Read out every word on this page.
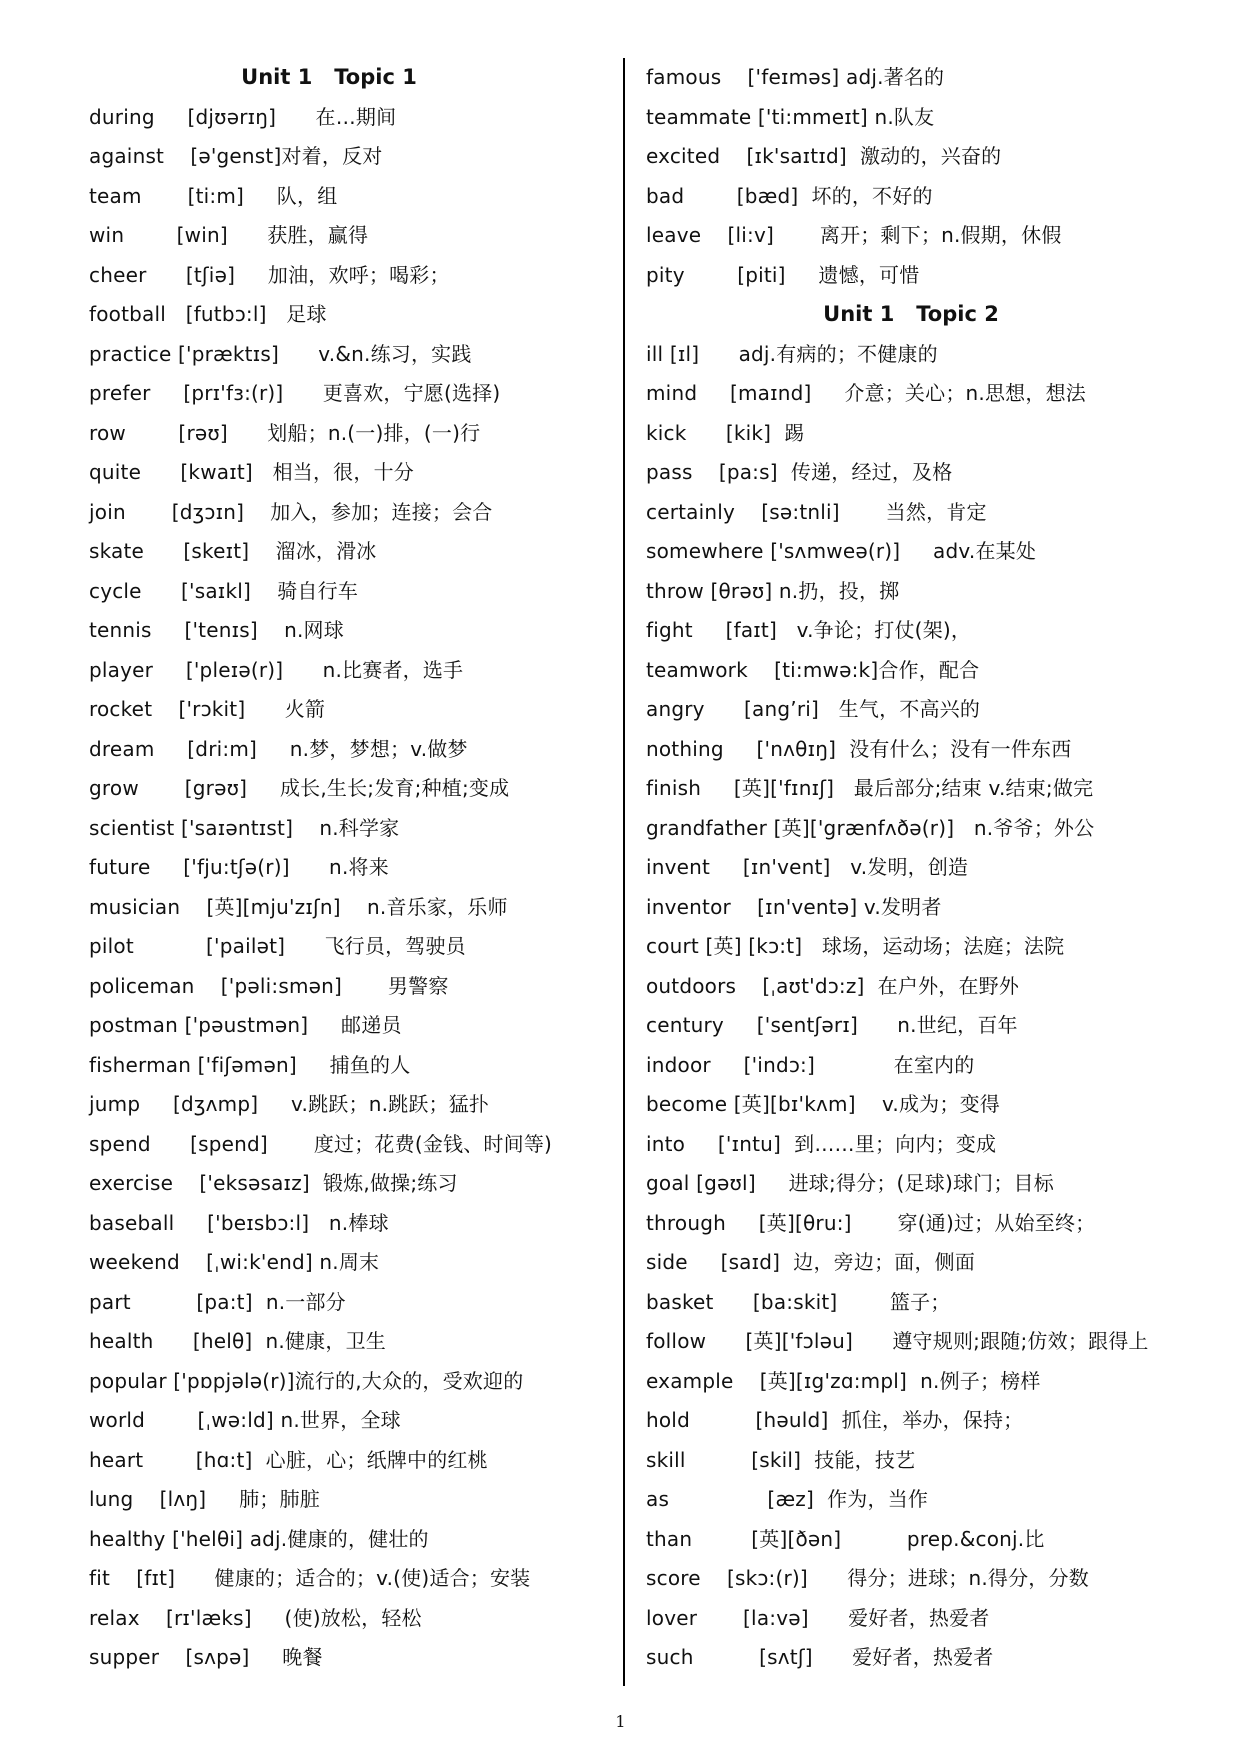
Unit 1   Topic 1
during     [djʊərɪŋ]      在…期间
against    [ə'genst]对着，反对
team       [ti:m]     队，组
win        [win]      获胜，赢得
cheer      [tʃiə]     加油，欢呼；喝彩；
football   [futbɔ:l]   足球
practice ['præktɪs]      v.&n.练习，实践
prefer     [prɪ'fɜ:(r)]      更喜欢，宁愿(选择)
row        [rəʊ]      划船；n.(一)排，(一)行
quite      [kwaɪt]   相当，很，十分
join       [dʒɔɪn]    加入，参加；连接；会合
skate      [skeɪt]    溜冰，滑冰
cycle      ['saɪkl]    骑自行车
tennis     ['tenɪs]    n.网球
player     ['pleɪə(r)]      n.比赛者，选手
rocket    ['rɔkit]      火箭
dream     [dri:m]     n.梦，梦想；v.做梦
grow       [grəʊ]     成长,生长;发育;种植;变成
scientist ['saɪəntɪst]    n.科学家
future     ['fju:tʃə(r)]      n.将来
musician    [英][mju'zɪʃn]    n.音乐家，乐师
pilot           ['pailət]      飞行员，驾驶员
policeman    ['pəli:smən]       男警察
postman ['pəustmən]     邮递员
fisherman ['fiʃəmən]     捕鱼的人
jump     [dʒʌmp]     v.跳跃；n.跳跃；猛扑
spend      [spend]       度过；花费(金钱、时间等)
exercise    ['eksəsaɪz]  锻炼,做操;练习
baseball     ['beɪsbɔ:l]   n.棒球
weekend    [ˌwi:k'end] n.周末
part          [pa:t]  n.一部分
health      [helθ]  n.健康，卫生
popular ['pɒpjələ(r)]流行的,大众的，受欢迎的
world        [ˌwə:ld] n.世界，全球
heart        [hɑ:t]  心脏，心；纸牌中的红桃
lung    [lʌŋ]     肺；肺脏
healthy ['helθi] adj.健康的，健壮的
fit    [fɪt]      健康的；适合的；v.(使)适合；安装
relax    [rɪ'læks]     (使)放松，轻松
supper    [sʌpə]     晚餐
famous    ['feɪməs] adj.著名的
teammate ['ti:mmeɪt] n.队友
excited    [ɪk'saɪtɪd]  激动的，兴奋的
bad        [bæd]  坏的，不好的
leave    [li:v]       离开；剩下；n.假期，休假
pity        [piti]     遗憾，可惜
Unit 1   Topic 2
ill [ɪl]      adj.有病的；不健康的
mind     [maɪnd]     介意；关心；n.思想，想法
kick      [kik]  踢
pass    [pa:s]  传递，经过，及格
certainly    [sə:tnli]       当然，肯定
somewhere ['sʌmweə(r)]     adv.在某处
throw [θrəʊ] n.扔，投，掷
fight     [faɪt]   v.争论；打仗(架)，
teamwork    [ti:mwə:k]合作，配合
angry      [ang’ri]   生气，不高兴的
nothing     ['nʌθɪŋ]  没有什么；没有一件东西
finish     [英]['fɪnɪʃ]   最后部分;结束 v.结束;做完
grandfather [英]['grænfʌðə(r)]   n.爷爷；外公
invent     [ɪn'vent]   v.发明，创造
inventor    [ɪn'ventə] v.发明者
court [英] [kɔ:t]   球场，运动场；法庭；法院
outdoors    [ˌaʊt'dɔ:z]  在户外，在野外
century     ['sentʃərɪ]      n.世纪，百年
indoor     ['indɔ:]            在室内的
become [英][bɪ'kʌm]    v.成为；变得
into     ['ɪntu]  到……里；向内；变成
goal [gəʊl]     进球;得分；(足球)球门；目标
through     [英][θru:]       穿(通)过；从始至终；
side     [saɪd]  边，旁边；面，侧面
basket      [ba:skit]        篮子；
follow      [英]['fɔləu]      遵守规则;跟随;仿效；跟得上
example    [英][ɪg'zɑ:mpl]  n.例子；榜样
hold          [həuld]  抓住，举办，保持；
skill          [skil]  技能，技艺
as               [æz]  作为，当作
than         [英][ðən]          prep.&conj.比
score    [skɔ:(r)]      得分；进球；n.得分，分数
lover       [la:və]      爱好者，热爱者
such          [sʌtʃ]      爱好者，热爱者
1
